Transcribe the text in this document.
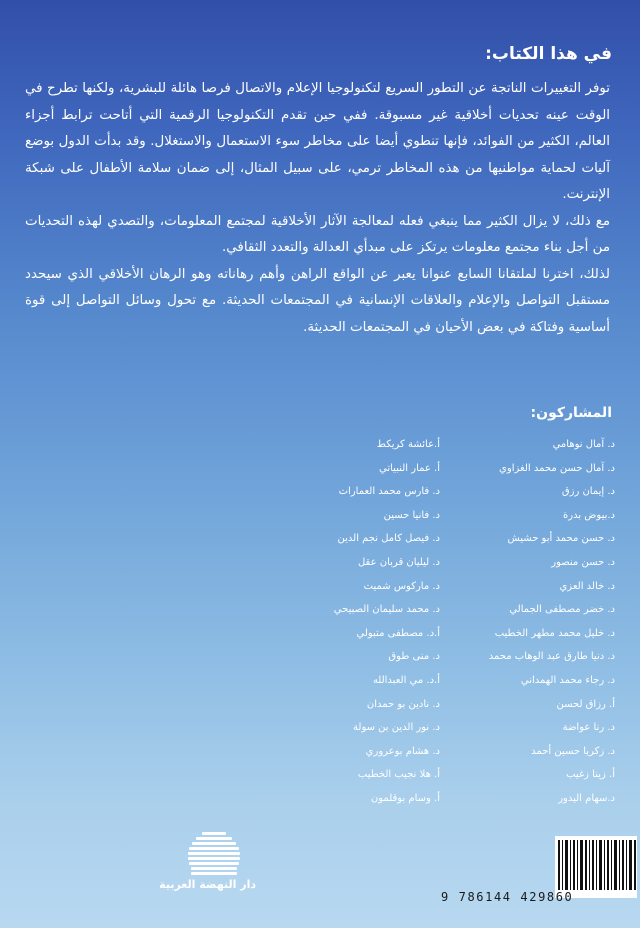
في هذا الكتاب:

توفر التغييرات الناتجة عن التطور السريع لتكنولوجيا الإعلام والاتصال فرصا هائلة للبشرية، ولكنها تطرح في الوقت عينه تحديات أخلاقية غير مسبوقة. ففي حين تقدم التكنولوجيا الرقمية التي أتاحت ترابط أجزاء العالم، الكثير من الفوائد، فإنها تنطوي أيضا على مخاطر سوء الاستعمال والاستغلال. وقد بدأت الدول بوضع آليات لحماية مواطنيها من هذه المخاطر ترمي، على سبيل المثال، إلى ضمان سلامة الأطفال على شبكة الإنترنت.

مع ذلك، لا يزال الكثير مما ينبغي فعله لمعالجة الآثار الأخلاقية لمجتمع المعلومات، والتصدي لهذه التحديات من أجل بناء مجتمع معلومات يرتكز على مبدأي العدالة والتعدد الثقافي.

لذلك، اخترنا لملتقانا السابع عنوانا يعبر عن الواقع الراهن وأهم رهاناته وهو الرهان الأخلاقي الذي سيحدد مستقبل التواصل والإعلام والعلاقات الإنسانية في المجتمعات الحديثة. مع تحول وسائل التواصل إلى قوة أساسية وفتاكة في بعض الأحيان في المجتمعات الحديثة.

المشاركون:
د. آمال نوهامي
د. آمال حسن محمد الغزاوي
د. إيمان رزق
د.بيوض بدرة
د. حسن محمد أبو حشيش
د. حسن منصور
د. خالد العزي
د. خضر مصطفى الجمالي
د. خليل محمد مطهر الخطيب
د. دنيا طارق عبد الوهاب محمد
د. رجاء محمد الهمداني
أ. رزاق لحسن
د. رنا عواضة
د. زكريا حسين أحمد
أ. زينا زغيب
د.سهام اليدور
أ.عائشة كريكط
أ. عمار النبياتي
د. فارس محمد العمارات
د. فانيا حسين
د. فيصل كامل نجم الدين
د. ليليان قربان عقل
د. ماركوس شميت
د. محمد سليمان الصبيحي
أ.د. مصطفى متبولي
د. منى طوق
أ.د. مي العبدالله
د. نادين بو حمدان
د. نور الدين بن سولة
د. هشام بوعروري
أ. هلا نجيب الخطيب
أ. وسام بوقلمون
دار النهضة العربية
9 786144 429860
